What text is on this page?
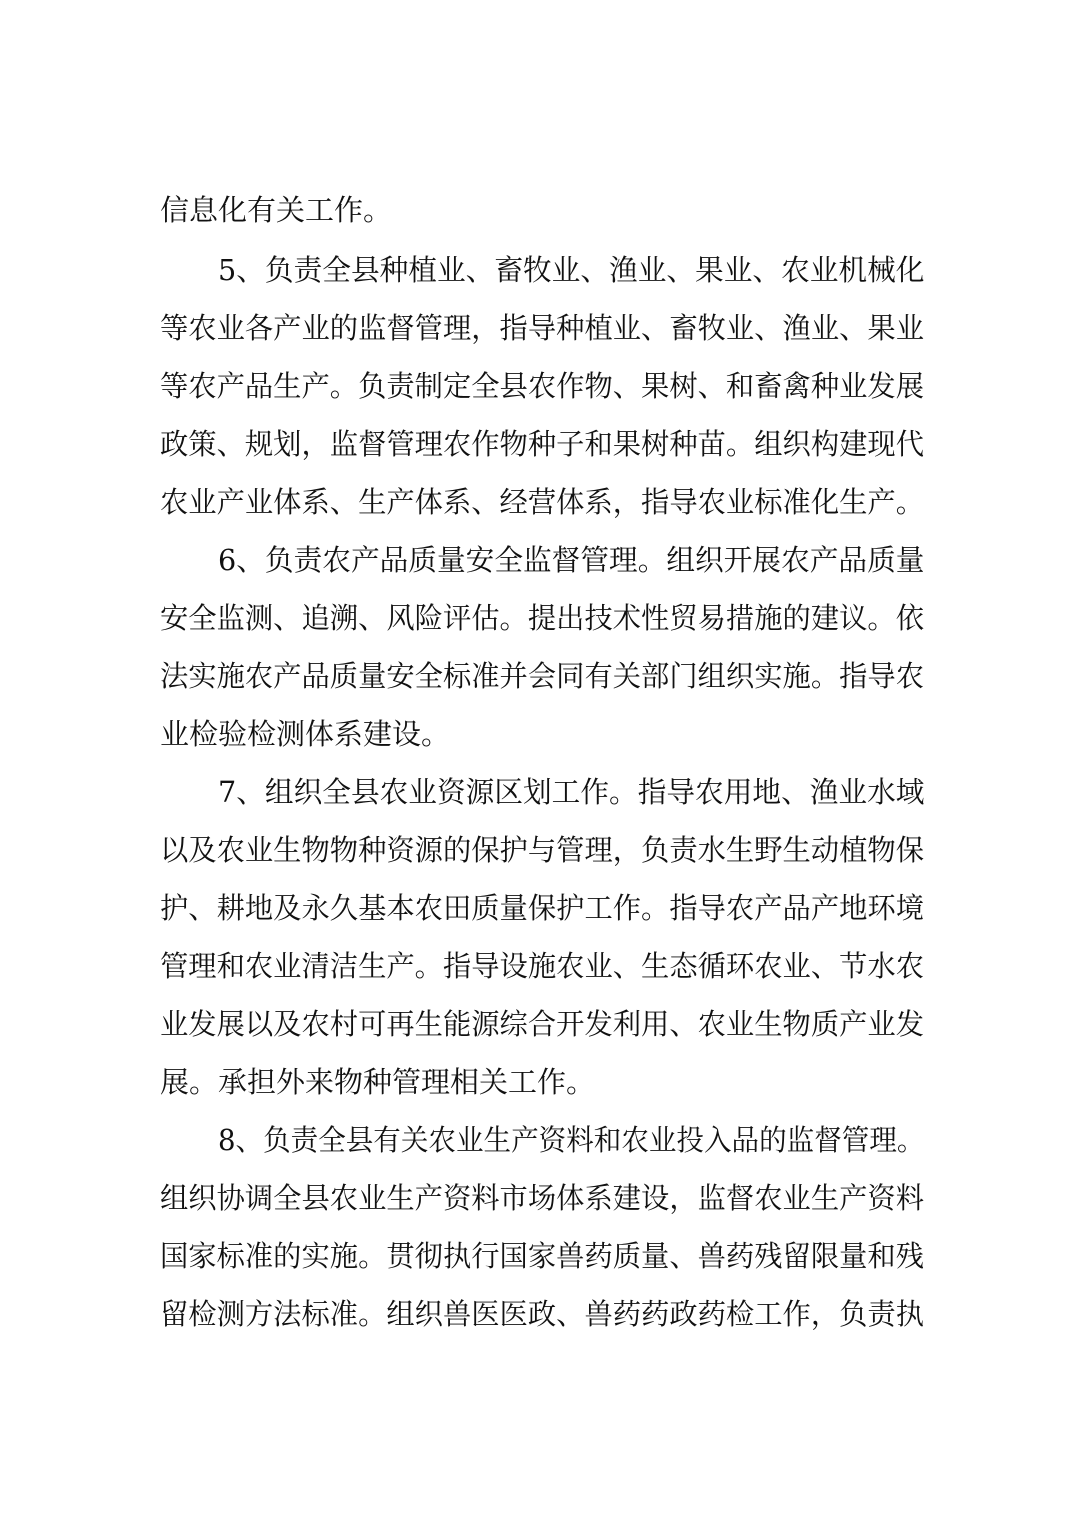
信息化有关工作。
5、负责全县种植业、畜牧业、渔业、果业、农业机械化
等农业各产业的监督管理，指导种植业、畜牧业、渔业、果业
等农产品生产。负责制定全县农作物、果树、和畜禽种业发展
政策、规划，监督管理农作物种子和果树种苗。组织构建现代
农业产业体系、生产体系、经营体系，指导农业标准化生产。
6、负责农产品质量安全监督管理。组织开展农产品质量
安全监测、追溯、风险评估。提出技术性贸易措施的建议。依
法实施农产品质量安全标准并会同有关部门组织实施。指导农
业检验检测体系建设。
7、组织全县农业资源区划工作。指导农用地、渔业水域
以及农业生物物种资源的保护与管理，负责水生野生动植物保
护、耕地及永久基本农田质量保护工作。指导农产品产地环境
管理和农业清洁生产。指导设施农业、生态循环农业、节水农
业发展以及农村可再生能源综合开发利用、农业生物质产业发
展。承担外来物种管理相关工作。
8、负责全县有关农业生产资料和农业投入品的监督管理。
组织协调全县农业生产资料市场体系建设，监督农业生产资料
国家标准的实施。贯彻执行国家兽药质量、兽药残留限量和残
留检测方法标准。组织兽医医政、兽药药政药检工作，负责执
